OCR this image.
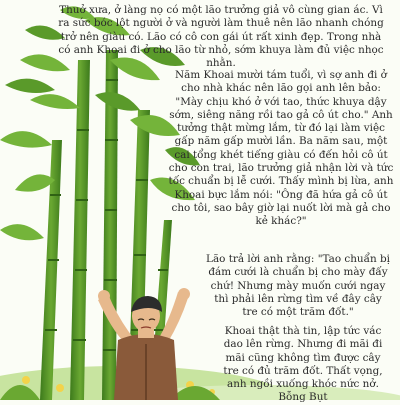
Thuở xưa, ở làng nọ có một lão trưởng giả vô cùng gian ác. Vì ra sức bóc lột người ở và người làm thuê nên lão nhanh chóng trở nên giàu có. Lão có cô con gái út rất xinh đẹp. Trong nhà có anh Khoai đi ở cho lão từ nhỏ, sớm khuya làm đủ việc nhọc nhằn.

Năm Khoai mười tám tuổi, vì sợ anh đi ở cho nhà khác nên lão gọi anh lên bảo: "Mày chịu khó ở với tao, thức khuya dậy sớm, siêng năng rồi tao gả cô út cho." Anh tưởng thật mừng lắm, từ đó lại làm việc gấp năm gấp mười lần. Ba năm sau, một cai tổng khét tiếng giàu có đến hỏi cô út cho con trai, lão trưởng giả nhận lời và tức tốc chuẩn bị lễ cưới. Thấy mình bị lừa, anh Khoai bực lắm nói: "Ông đã hứa gả cô út cho tôi, sao bây giờ lại nuốt lời mà gả cho kẻ khác?"

Lão trả lời anh rằng: "Tao chuẩn bị đám cưới là chuẩn bị cho mày đấy chứ! Nhưng mày muốn cưới ngay thì phải lên rừng tìm về đây cây tre có một trăm đốt."

Khoai thật thà tin, lập tức vác dao lên rừng. Nhưng đi mãi đi mãi cũng không tìm được cây tre có đủ trăm đốt. Thất vọng, anh ngồi xuống khóc nức nở. Bỗng Bụt
